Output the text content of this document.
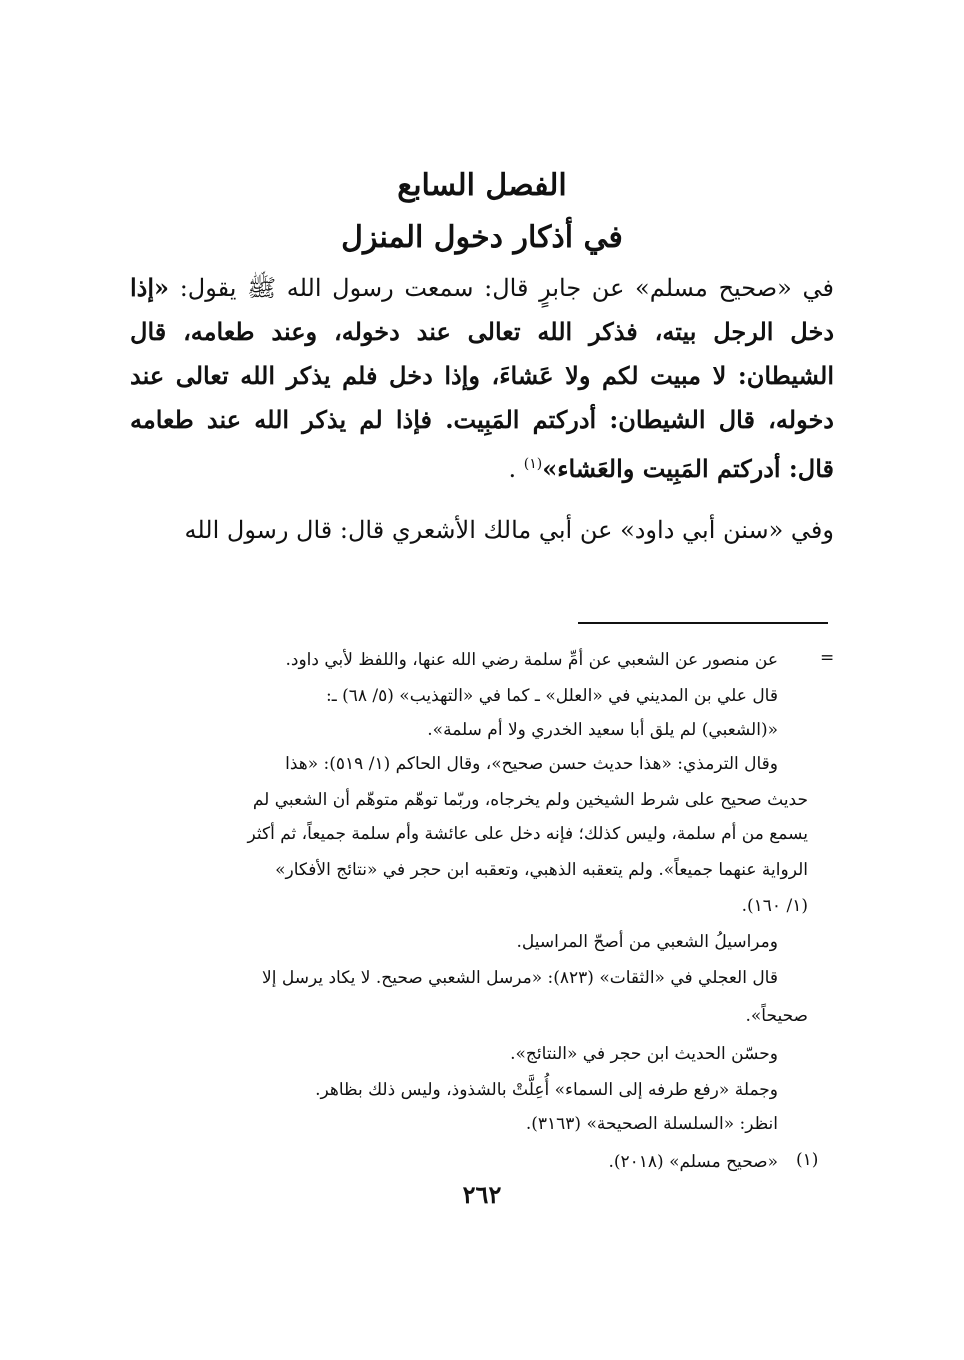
الفصل السابع
في أذكار دخول المنزل
في «صحيح مسلم» عن جابرٍ قال: سمعت رسول الله ﷺ يقول: «إذا دخل الرجل بيته، فذكر الله تعالى عند دخوله، وعند طعامه، قال الشيطان: لا مبيت لكم ولا عَشاءَ، وإذا دخل فلم يذكر الله تعالى عند دخوله، قال الشيطان: أدركتم المَبِيت. فإذا لم يذكر الله عند طعامه قال: أدركتم المَبِيت والعَشاء»$^{(١)}$ .
وفي «سنن أبي داود» عن أبي مالك الأشعري قال: قال رسول الله
=
عن منصور عن الشعبي عن أمِّ سلمة رضي الله عنها، واللفظ لأبي داود.
قال علي بن المديني في «العلل» ـ كما في «التهذيب» (٥/ ٦٨) ـ:
«(الشعبي) لم يلق أبا سعيد الخدري ولا أم سلمة».
وقال الترمذي: «هذا حديث حسن صحيح»، وقال الحاكم (١/ ٥١٩): «هذا
حديث صحيح على شرط الشيخين ولم يخرجاه، وربّما توهّم متوهّم أن الشعبي لم
يسمع من أم سلمة، وليس كذلك؛ فإنه دخل على عائشة وأم سلمة جميعاً، ثم أكثر
الرواية عنهما جميعاً». ولم يتعقبه الذهبي، وتعقبه ابن حجر في «نتائج الأفكار»
(١/ ١٦٠).
ومراسيلُ الشعبي من أصحّ المراسيل.
قال العجلي في «الثقات» (٨٢٣): «مرسل الشعبي صحيح. لا يكاد يرسل إلا
صحيحاً».
وحسّن الحديث ابن حجر في «النتائج».
وجملة «رفع طرفه إلى السماء» أُعِلَّتْ بالشذوذ، وليس ذلك بظاهر.
انظر: «السلسلة الصحيحة» (٣١٦٣).
(١)
«صحيح مسلم» (٢٠١٨).
٢٦٢
